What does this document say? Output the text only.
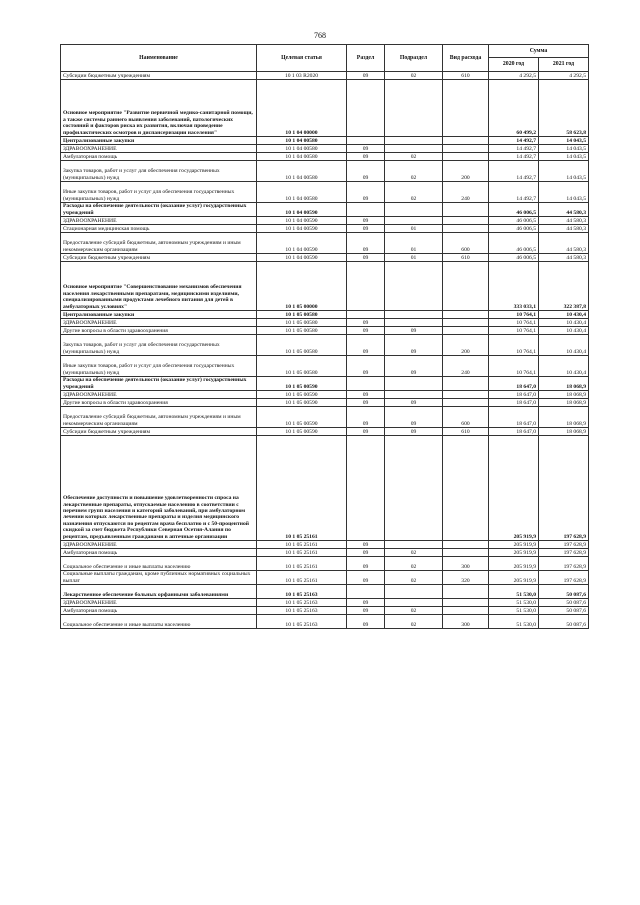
768
Наименование	Целевая статья	Раздел	Подраздел	Вид расхода	Сумма	
					2020 год	2021 год
Субсидии бюджетным учреждениям	10 1 03 R2020	09	02	610	4 292,5	4 292,5
Основное мероприятие "Развитие первичной медико-санитарной помощи, а также системы раннего выявления заболеваний, патологических состояний и факторов риска их развития, включая проведение профилактических осмотров и диспансеризации населения"	10 1 04 00000				60 499,2	58 623,8
Централизованные закупки	10 1 04 00580				14 492,7	14 043,5
ЗДРАВООХРАНЕНИЕ	10 1 04 00580	09			14 492,7	14 043,5
Амбулаторная помощь	10 1 04 00580	09	02		14 492,7	14 043,5
Закупка товаров, работ и услуг для обеспечения государственных (муниципальных) нужд	10 1 04 00580	09	02	200	14 492,7	14 043,5
Иные закупки товаров, работ и услуг для обеспечения государственных (муниципальных) нужд	10 1 04 00580	09	02	240	14 492,7	14 043,5
Расходы на обеспечение деятельности (оказание услуг) государственных учреждений	10 1 04 00590				46 006,5	44 580,3
ЗДРАВООХРАНЕНИЕ	10 1 04 00590	09			46 006,5	44 580,3
Стационарная медицинская помощь	10 1 04 00590	09	01		46 006,5	44 580,3
Предоставление субсидий бюджетным, автономным учреждениям и иным некоммерческим организациям	10 1 04 00590	09	01	600	46 006,5	44 580,3
Субсидии бюджетным учреждениям	10 1 04 00590	09	01	610	46 006,5	44 580,3
Основное мероприятие "Совершенствование механизмов обеспечения населения лекарственными препаратами, медицинскими изделиями, специализированными продуктами лечебного питания для детей в амбулаторных условиях"	10 1 05 00000				333 033,1	322 387,8
Централизованные закупки	10 1 05 00580				10 764,1	10 430,4
ЗДРАВООХРАНЕНИЕ	10 1 05 00580	09			10 764,1	10 430,4
Другие вопросы в области здравоохранения	10 1 05 00580	09	09		10 764,1	10 430,4
Закупка товаров, работ и услуг для обеспечения государственных (муниципальных) нужд	10 1 05 00580	09	09	200	10 764,1	10 430,4
Иные закупки товаров, работ и услуг для обеспечения государственных (муниципальных) нужд	10 1 05 00580	09	09	240	10 764,1	10 430,4
Расходы на обеспечение деятельности (оказание услуг) государственных учреждений	10 1 05 00590				18 647,0	18 068,9
ЗДРАВООХРАНЕНИЕ	10 1 05 00590	09			18 647,0	18 068,9
Другие вопросы в области здравоохранения	10 1 05 00590	09	09		18 647,0	18 068,9
Предоставление субсидий бюджетным, автономным учреждениям и иным некоммерческим организациям	10 1 05 00590	09	09	600	18 647,0	18 068,9
Субсидии бюджетным учреждениям	10 1 05 00590	09	09	610	18 647,0	18 068,9
Обеспечение доступности и повышение удовлетворенности спроса на лекарственные препараты, отпускаемые населению в соответствии с перечнем групп населения и категорий заболеваний, при амбулаторном лечении которых лекарственные препараты и изделия медицинского назначения отпускаются по рецептам врача бесплатно и с 50-процентной скидкой за счет бюджета Республики Северная Осетия-Алания по рецептам, предъявленным гражданами в аптечные организации	10 1 05 25161				205 919,9	197 628,9
ЗДРАВООХРАНЕНИЕ	10 1 05 25161	09			205 919,9	197 628,9
Амбулаторная помощь	10 1 05 25161	09	02		205 919,9	197 628,9
Социальное обеспечение и иные выплаты населению	10 1 05 25161	09	02	300	205 919,9	197 628,9
Социальные выплаты гражданам, кроме публичных нормативных социальных выплат	10 1 05 25161	09	02	320	205 919,9	197 628,9
Лекарственное обеспечение больных орфанными заболеваниями	10 1 05 25163				51 530,0	50 087,6
ЗДРАВООХРАНЕНИЕ	10 1 05 25163	09			51 530,0	50 087,6
Амбулаторная помощь	10 1 05 25163	09	02		51 530,0	50 087,6
Социальное обеспечение и иные выплаты населению	10 1 05 25163	09	02	300	51 530,0	50 087,6
